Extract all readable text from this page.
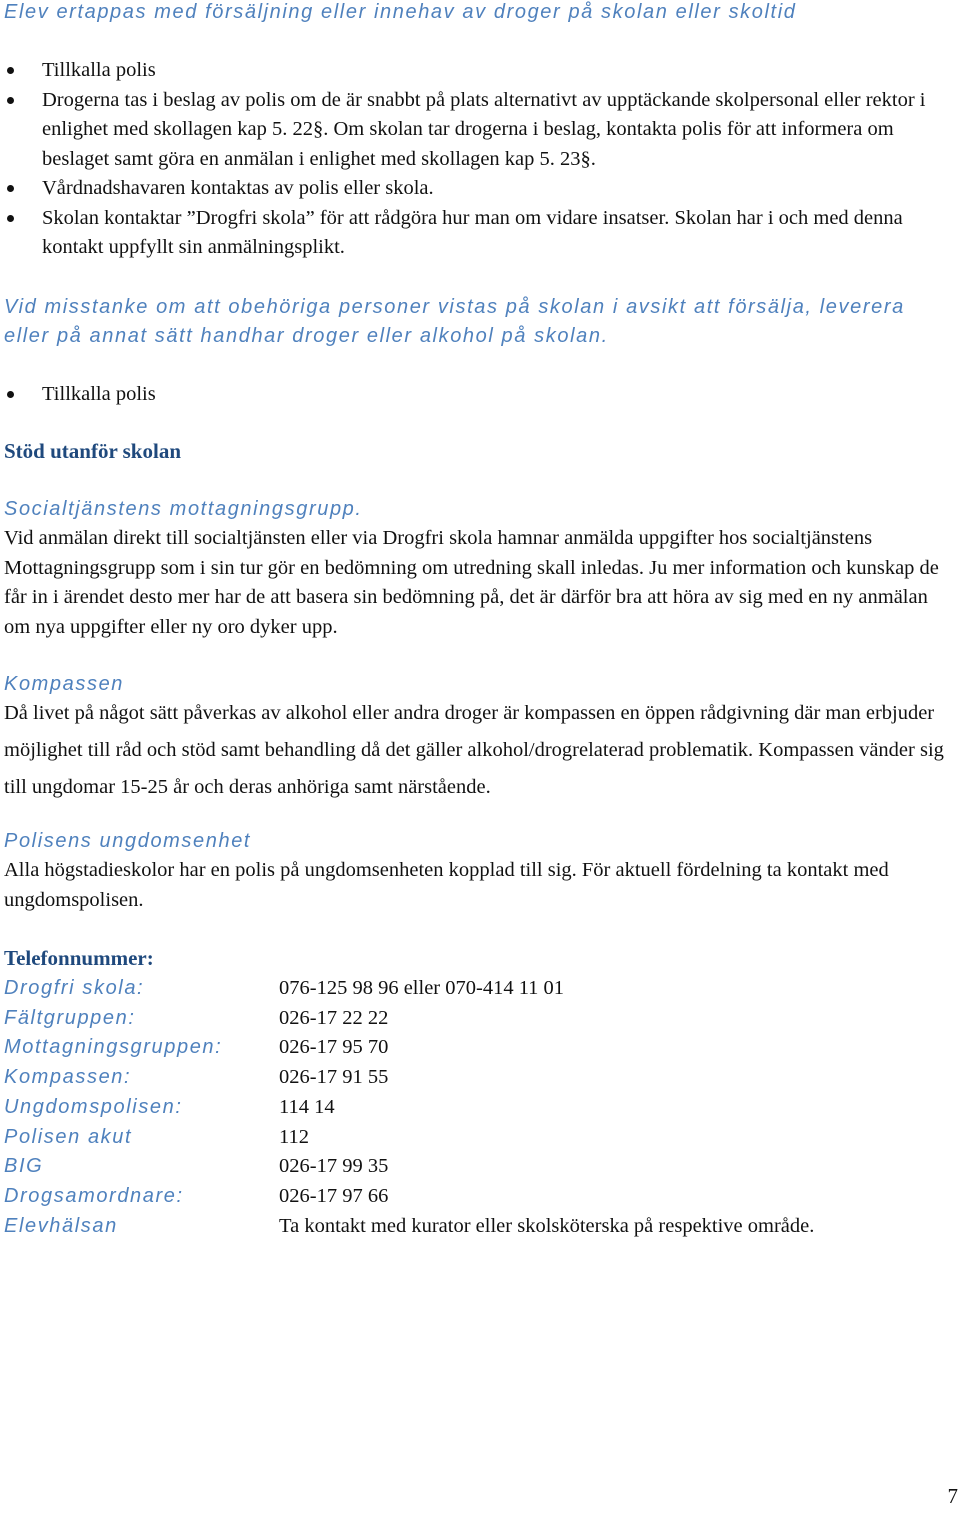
Elev ertappas med försäljning eller innehav av droger på skolan eller skoltid
Tillkalla polis
Drogerna tas i beslag av polis om de är snabbt på plats alternativt av upptäckande skolpersonal eller rektor i enlighet med skollagen kap 5. 22§. Om skolan tar drogerna i beslag, kontakta polis för att informera om beslaget samt göra en anmälan i enlighet med skollagen kap 5. 23§.
Vårdnadshavaren kontaktas av polis eller skola.
Skolan kontaktar ”Drogfri skola” för att rådgöra hur man om vidare insatser. Skolan har i och med denna kontakt uppfyllt sin anmälningsplikt.
Vid misstanke om att obehöriga personer vistas på skolan i avsikt att försälja, leverera eller på annat sätt handhar droger eller alkohol på skolan.
Tillkalla polis
Stöd utanför skolan
Socialtjänstens mottagningsgrupp.

Vid anmälan direkt till socialtjänsten eller via Drogfri skola hamnar anmälda uppgifter hos socialtjänstens Mottagningsgrupp som i sin tur gör en bedömning om utredning skall inledas. Ju mer information och kunskap de får in i ärendet desto mer har de att basera sin bedömning på, det är därför bra att höra av sig med en ny anmälan om nya uppgifter eller ny oro dyker upp.

Kompassen

Då livet på något sätt påverkas av alkohol eller andra droger är kompassen en öppen rådgivning där man erbjuder möjlighet till råd och stöd samt behandling då det gäller alkohol/drogrelaterad problematik. Kompassen vänder sig till ungdomar 15-25 år och deras anhöriga samt närstående.

Polisens ungdomsenhet

Alla högstadieskolor har en polis på ungdomsenheten kopplad till sig. För aktuell fördelning ta kontakt med ungdomspolisen.

Telefonnummer:
Drogfri skola:	076-125 98 96 eller 070-414 11 01
Fältgruppen:	026-17 22 22
Mottagningsgruppen:	026-17 95 70
Kompassen:	026-17 91 55
Ungdomspolisen:	114 14
Polisen akut	112
BIG	026-17 99 35
Drogsamordnare:	026-17 97 66
Elevhälsan	Ta kontakt med kurator eller skolsköterska på respektive område.
7
